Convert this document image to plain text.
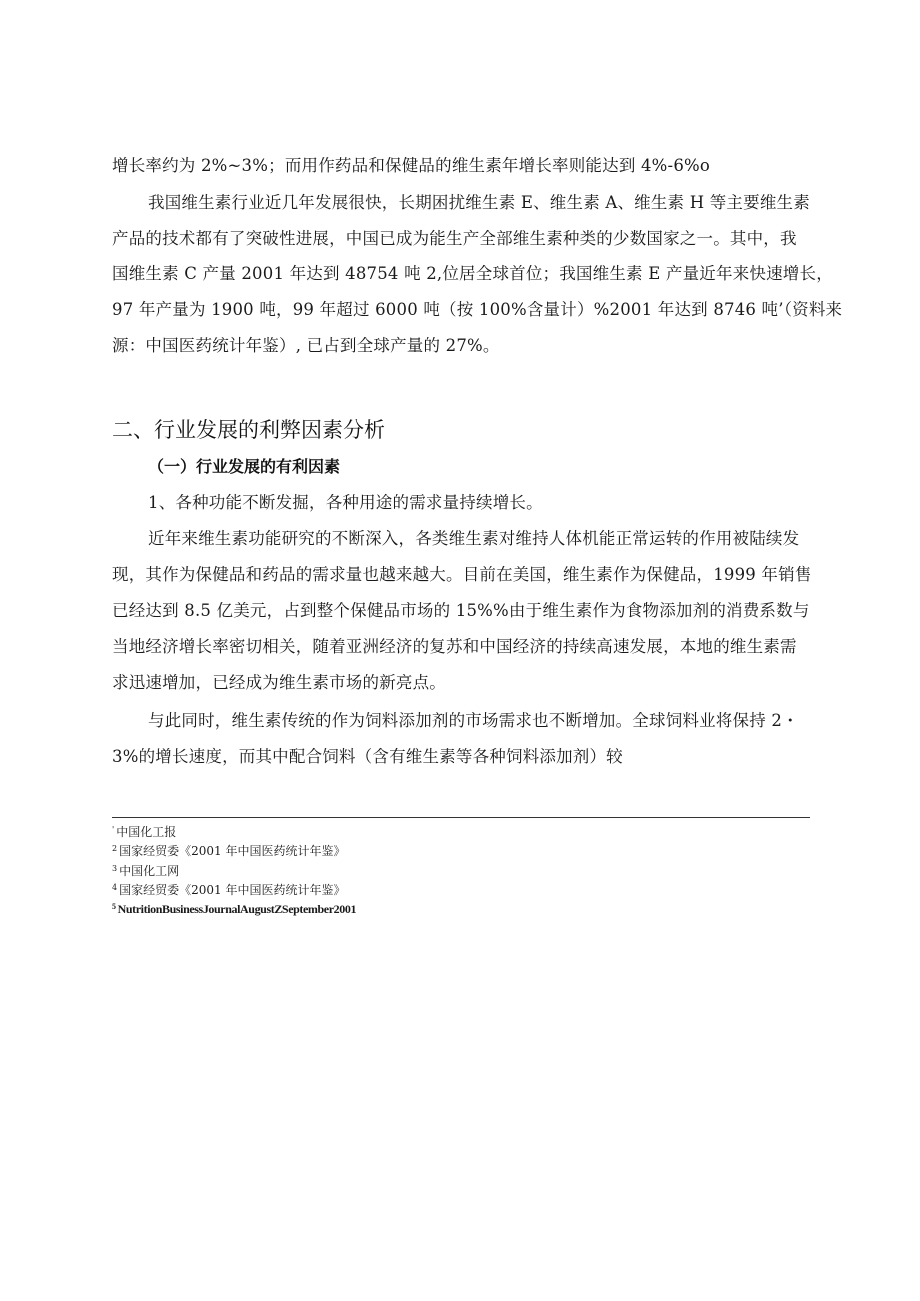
增长率约为 2%~3%；而用作药品和保健品的维生素年增长率则能达到 4%-6%o
我国维生素行业近几年发展很快，长期困扰维生素 E、维生素 A、维生素 H 等主要维生素
产品的技术都有了突破性进展，中国已成为能生产全部维生素种类的少数国家之一。其中，我
国维生素 C 产量 2001 年达到 48754 吨 2,位居全球首位；我国维生素 E 产量近年来快速增长，
97 年产量为 1900 吨，99 年超过 6000 吨（按 100%含量计）%2001 年达到 8746 吨’（资料来
源：中国医药统计年鉴）, 已占到全球产量的 27%。
二、行业发展的利弊因素分析
（一）行业发展的有利因素
1、各种功能不断发掘，各种用途的需求量持续增长。
近年来维生素功能研究的不断深入，各类维生素对维持人体机能正常运转的作用被陆续发
现，其作为保健品和药品的需求量也越来越大。目前在美国，维生素作为保健品，1999 年销售
已经达到 8.5 亿美元，占到整个保健品市场的 15%%由于维生素作为食物添加剂的消费系数与
当地经济增长率密切相关，随着亚洲经济的复苏和中国经济的持续高速发展，本地的维生素需
求迅速增加，已经成为维生素市场的新亮点。
与此同时，维生素传统的作为饲料添加剂的市场需求也不断增加。全球饲料业将保持 2・
3%的增长速度，而其中配合饲料（含有维生素等各种饲料添加剂）较
' 中国化工报
$^2$ 国家经贸委《2001 年中国医药统计年鉴》
$^3$ 中国化工网
$^4$ 国家经贸委《2001 年中国医药统计年鉴》
$^5$ NutritionBusinessJournalAugustZSeptember2001
